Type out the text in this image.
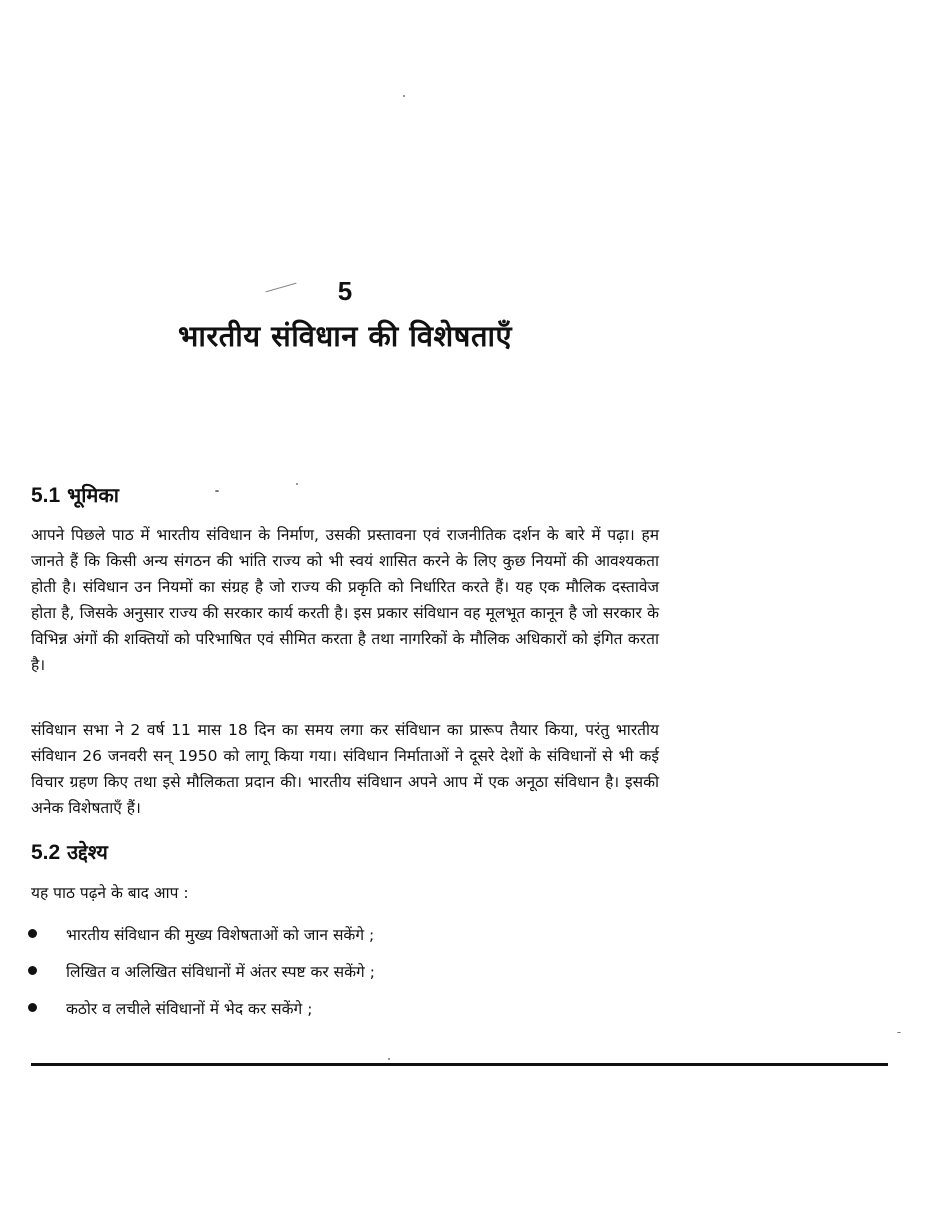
5
भारतीय संविधान की विशेषताएँ
5.1 भूमिका

आपने पिछले पाठ में भारतीय संविधान के निर्माण, उसकी प्रस्तावना एवं राजनीतिक दर्शन के बारे में पढ़ा। हम जानते हैं कि किसी अन्य संगठन की भांति राज्य को भी स्वयं शासित करने के लिए कुछ नियमों की आवश्यकता होती है। संविधान उन नियमों का संग्रह है जो राज्य की प्रकृति को निर्धारित करते हैं। यह एक मौलिक दस्तावेज होता है, जिसके अनुसार राज्य की सरकार कार्य करती है। इस प्रकार संविधान वह मूलभूत कानून है जो सरकार के विभिन्न अंगों की शक्तियों को परिभाषित एवं सीमित करता है तथा नागरिकों के मौलिक अधिकारों को इंगित करता है।

संविधान सभा ने 2 वर्ष 11 मास 18 दिन का समय लगा कर संविधान का प्रारूप तैयार किया, परंतु भारतीय संविधान 26 जनवरी सन् 1950 को लागू किया गया। संविधान निर्माताओं ने दूसरे देशों के संविधानों से भी कई विचार ग्रहण किए तथा इसे मौलिकता प्रदान की। भारतीय संविधान अपने आप में एक अनूठा संविधान है। इसकी अनेक विशेषताएँ हैं।

5.2 उद्देश्य

यह पाठ पढ़ने के बाद आप :

भारतीय संविधान की मुख्य विशेषताओं को जान सकेंगे ;
लिखित व अलिखित संविधानों में अंतर स्पष्ट कर सकेंगे ;
कठोर व लचीले संविधानों में भेद कर सकेंगे ;
